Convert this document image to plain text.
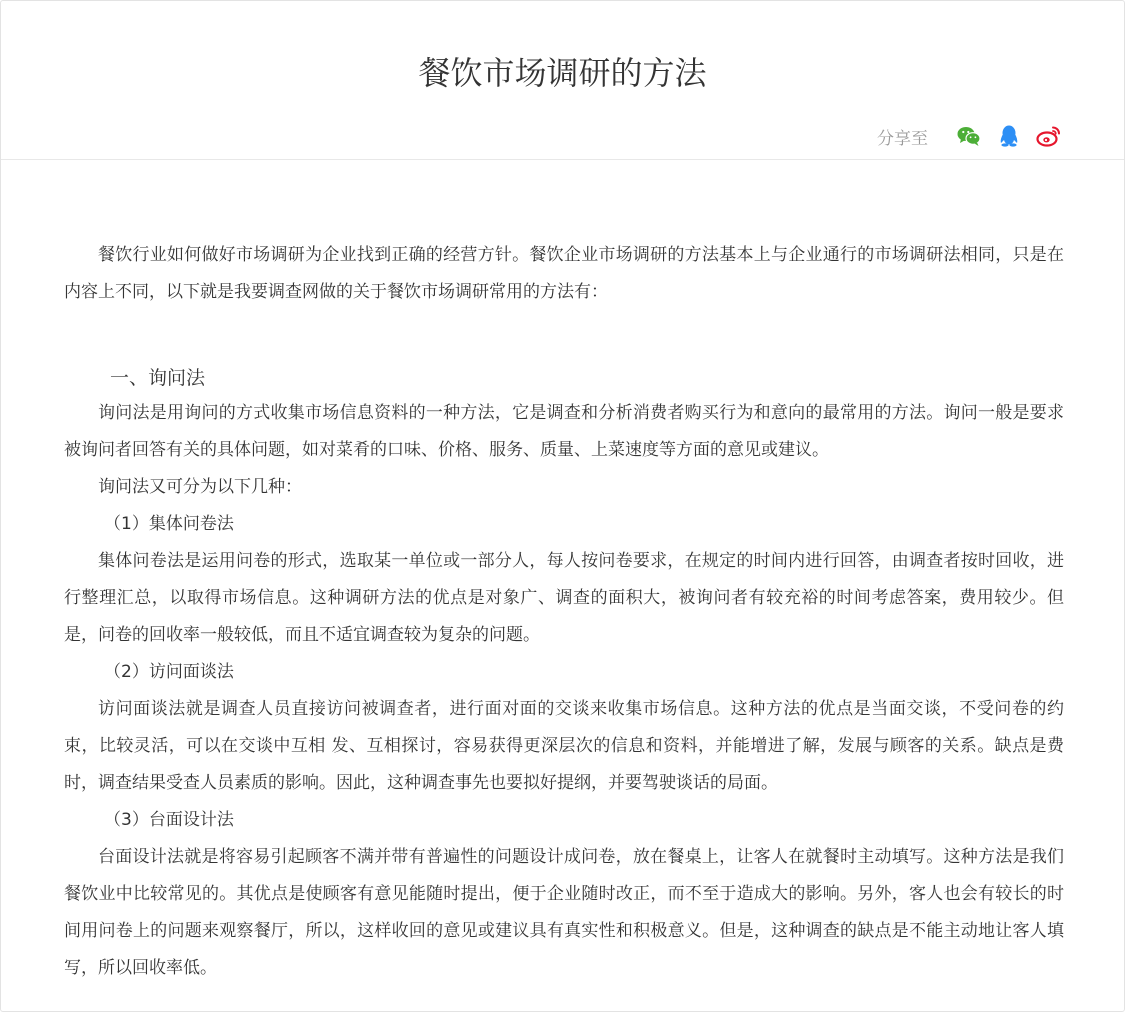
餐饮市场调研的方法
分享至

餐饮行业如何做好市场调研为企业找到正确的经营方针。餐饮企业市场调研的方法基本上与企业通行的市场调研法相同，只是在内容上不同，以下就是我要调查网做的关于餐饮市场调研常用的方法有：

一、询问法

询问法是用询问的方式收集市场信息资料的一种方法，它是调查和分析消费者购买行为和意向的最常用的方法。询问一般是要求被询问者回答有关的具体问题，如对菜肴的口味、价格、服务、质量、上菜速度等方面的意见或建议。

询问法又可分为以下几种：

（1）集体问卷法

集体问卷法是运用问卷的形式，选取某一单位或一部分人，每人按问卷要求，在规定的时间内进行回答，由调查者按时回收，进行整理汇总，以取得市场信息。这种调研方法的优点是对象广、调查的面积大，被询问者有较充裕的时间考虑答案，费用较少。但是，问卷的回收率一般较低，而且不适宜调查较为复杂的问题。

（2）访问面谈法

访问面谈法就是调查人员直接访问被调查者，进行面对面的交谈来收集市场信息。这种方法的优点是当面交谈，不受问卷的约束，比较灵活，可以在交谈中互相 发、互相探讨，容易获得更深层次的信息和资料，并能增进了解，发展与顾客的关系。缺点是费时，调查结果受查人员素质的影响。因此，这种调查事先也要拟好提纲，并要驾驶谈话的局面。

（3）台面设计法

台面设计法就是将容易引起顾客不满并带有普遍性的问题设计成问卷，放在餐桌上，让客人在就餐时主动填写。这种方法是我们餐饮业中比较常见的。其优点是使顾客有意见能随时提出，便于企业随时改正，而不至于造成大的影响。另外，客人也会有较长的时间用问卷上的问题来观察餐厅，所以，这样收回的意见或建议具有真实性和积极意义。但是，这种调查的缺点是不能主动地让客人填写，所以回收率低。
